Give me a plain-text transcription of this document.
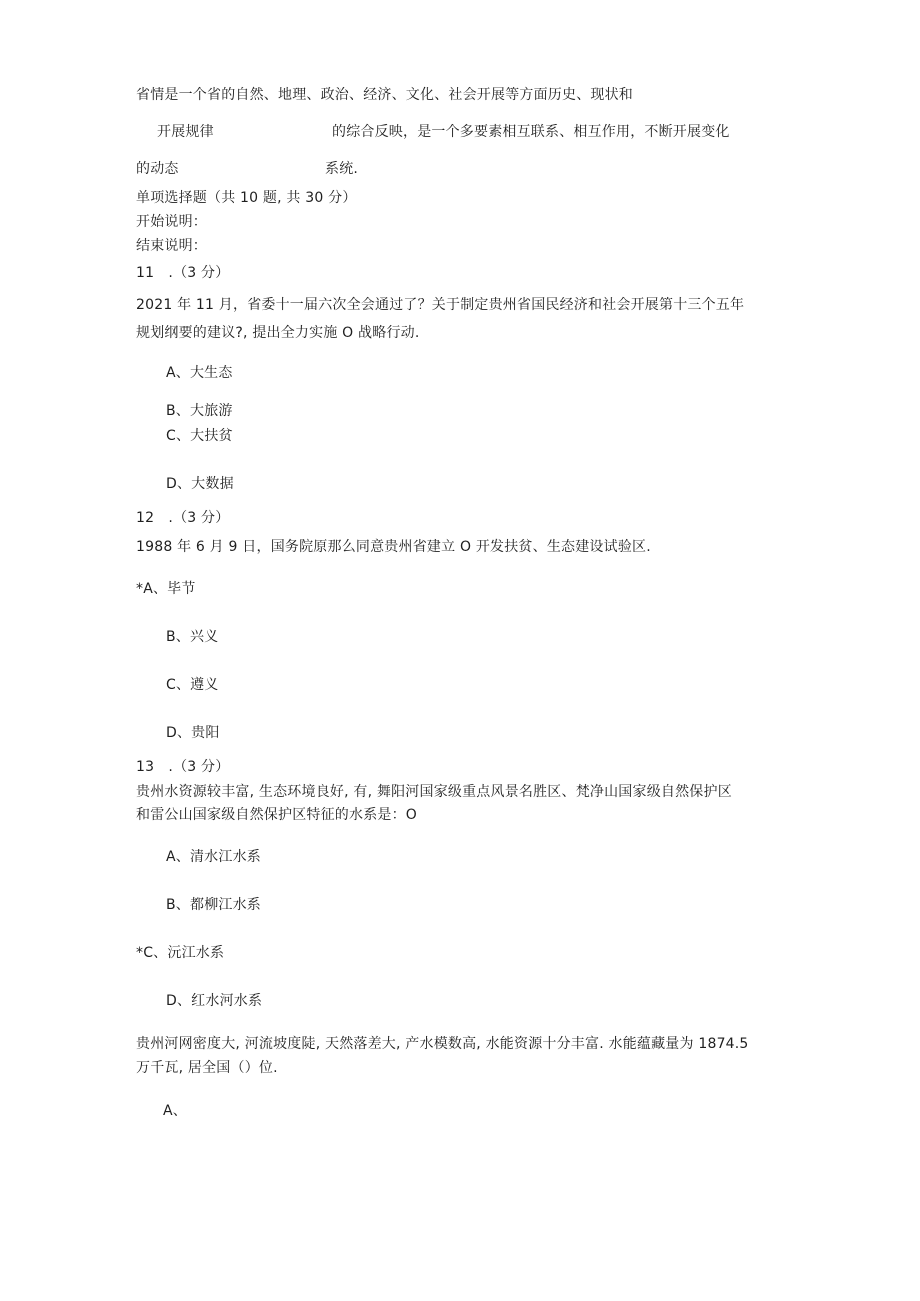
省情是一个省的自然、地理、政治、经济、文化、社会开展等方面历史、现状和
开展规律	的综合反映，是一个多要素相互联系、相互作用，不断开展变化
的动态	系统.
单项选择题（共 10 题, 共 30 分）
开始说明：
结束说明：
11　.（3 分）
2021 年 11 月，省委十一届六次全会通过了？关于制定贵州省国民经济和社会开展第十三个五年
规划纲要的建议?, 提出全力实施 O 战略行动.
A、大生态
B、大旅游
C、大扶贫
D、大数据
12　.（3 分）
1988 年 6 月 9 日，国务院原那么同意贵州省建立 O 开发扶贫、生态建设试验区.
*A、毕节
B、兴义
C、遵义
D、贵阳
13　.（3 分）
贵州水资源较丰富, 生态环境良好, 有, 舞阳河国家级重点风景名胜区、梵净山国家级自然保护区
和雷公山国家级自然保护区特征的水系是：O
A、清水江水系
B、都柳江水系
*C、沅江水系
D、红水河水系
贵州河网密度大, 河流坡度陡, 天然落差大, 产水模数高, 水能资源十分丰富. 水能蕴藏量为 1874.5
万千瓦, 居全国（）位.
A、
